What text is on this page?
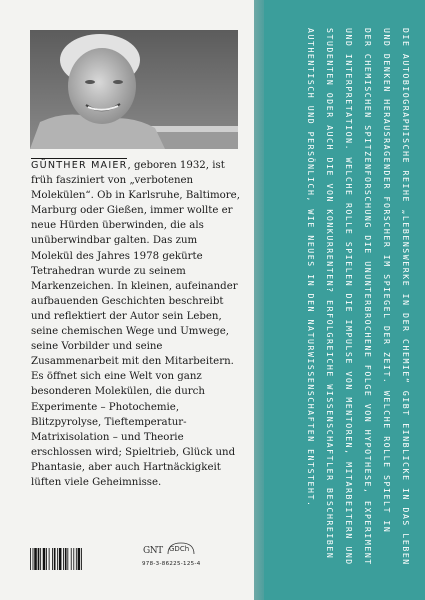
GÜNTHER MAIER, geboren 1932, ist früh fasziniert von „verbotenen Molekülen“. Ob in Karlsruhe, Baltimore, Marburg oder Gießen, immer wollte er neue Hürden überwinden, die als unüberwindbar galten. Das zum Molekül des Jahres 1978 gekürte Tetrahedran wurde zu seinem Markenzeichen. In kleinen, aufeinander aufbauenden Geschichten beschreibt und reflektiert der Autor sein Leben, seine chemischen Wege und Umwege, seine Vorbilder und seine Zusammenarbeit mit den Mitarbeitern. Es öffnet sich eine Welt von ganz besonderen Molekülen, die durch Experimente – Photochemie, Blitzpyrolyse, Tieftemperatur-Matrixisolation – und Theorie erschlossen wird; Spieltrieb, Glück und Phantasie, aber auch Hartnäckigkeit lüften viele Geheimnisse.
GNT GDCh
978-3-86225-125-4	DIE AUTOBIOGRAPHISCHE REIHE „LEBENSWERKE IN DER CHEMIE“ GIBT EINBLICKE IN DAS LEBEN
UND DENKEN HERAUSRAGENDER FORSCHER IM SPIEGEL DER ZEIT. WELCHE ROLLE SPIELT IN
DER CHEMISCHEN SPITZENFORSCHUNG DIE UNUNTERBROCHENE FOLGE VON HYPOTHESE, EXPERIMENT
UND INTERPRETATION. WELCHE ROLLE SPIELEN DIE IMPULSE VON MENTOREN, MITARBEITERN UND
STUDENTEN ODER AUCH DIE VON KONKURRENTEN? ERFOLGREICHE WISSENSCHAFTLER BESCHREIBEN
AUTHENTISCH UND PERSÖNLICH, WIE NEUES IN DEN NATURWISSENSCHAFTEN ENTSTEHT.
